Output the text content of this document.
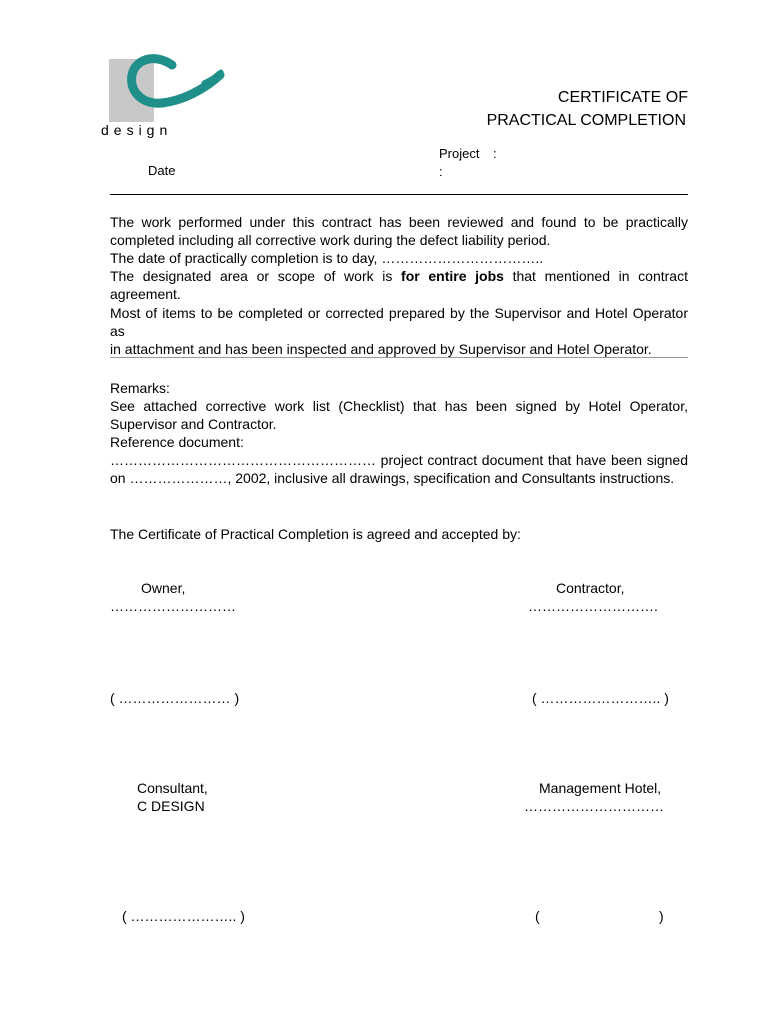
design
CERTIFICATE OF
PRACTICAL COMPLETION
Project :
:
Date

The work performed under this contract has been reviewed and found to be practically

completed including all corrective work during the defect liability period.

The date of practically completion is to day, ……………………………..

The designated area or scope of work is for entire jobs that mentioned in contract agreement.

Most of items to be completed or corrected prepared by the Supervisor and Hotel Operator as

in attachment and has been inspected and approved by Supervisor and Hotel Operator.

Remarks:

See attached corrective work list (Checklist) that has been signed by Hotel Operator,

Supervisor and Contractor.

Reference document:

………………………………………………… project contract document that have been signed

on …………………, 2002, inclusive all drawings, specification and Consultants instructions.

The Certificate of Practical Completion is agreed and accepted by:
Owner,
………………………
( …………………… )
Contractor,
……………………….
( …………………….. )
Consultant,
C DESIGN
( ………………….. )
Management Hotel,
…………………………
(	)
